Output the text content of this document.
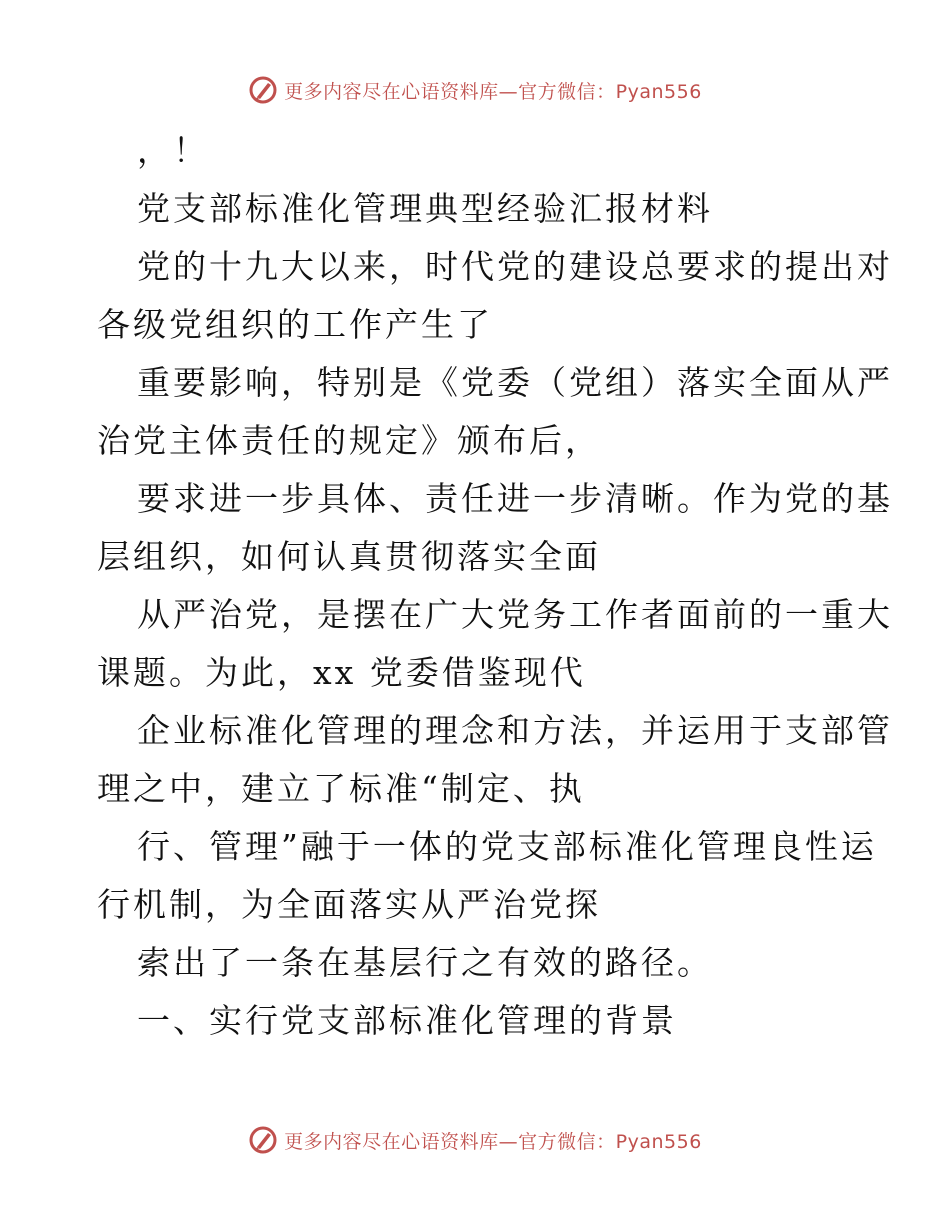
更多内容尽在心语资料库—官方微信：Pyan556
，！
党支部标准化管理典型经验汇报材料
党的十九大以来，时代党的建设总要求的提出对
各级党组织的工作产生了
重要影响，特别是《党委（党组）落实全面从严
治党主体责任的规定》颁布后，
要求进一步具体、责任进一步清晰。作为党的基
层组织，如何认真贯彻落实全面
从严治党，是摆在广大党务工作者面前的一重大
课题。为此，xx 党委借鉴现代
企业标准化管理的理念和方法，并运用于支部管
理之中，建立了标准“制定、执
行、管理”融于一体的党支部标准化管理良性运
行机制，为全面落实从严治党探
索出了一条在基层行之有效的路径。
一、实行党支部标准化管理的背景
更多内容尽在心语资料库—官方微信：Pyan556
